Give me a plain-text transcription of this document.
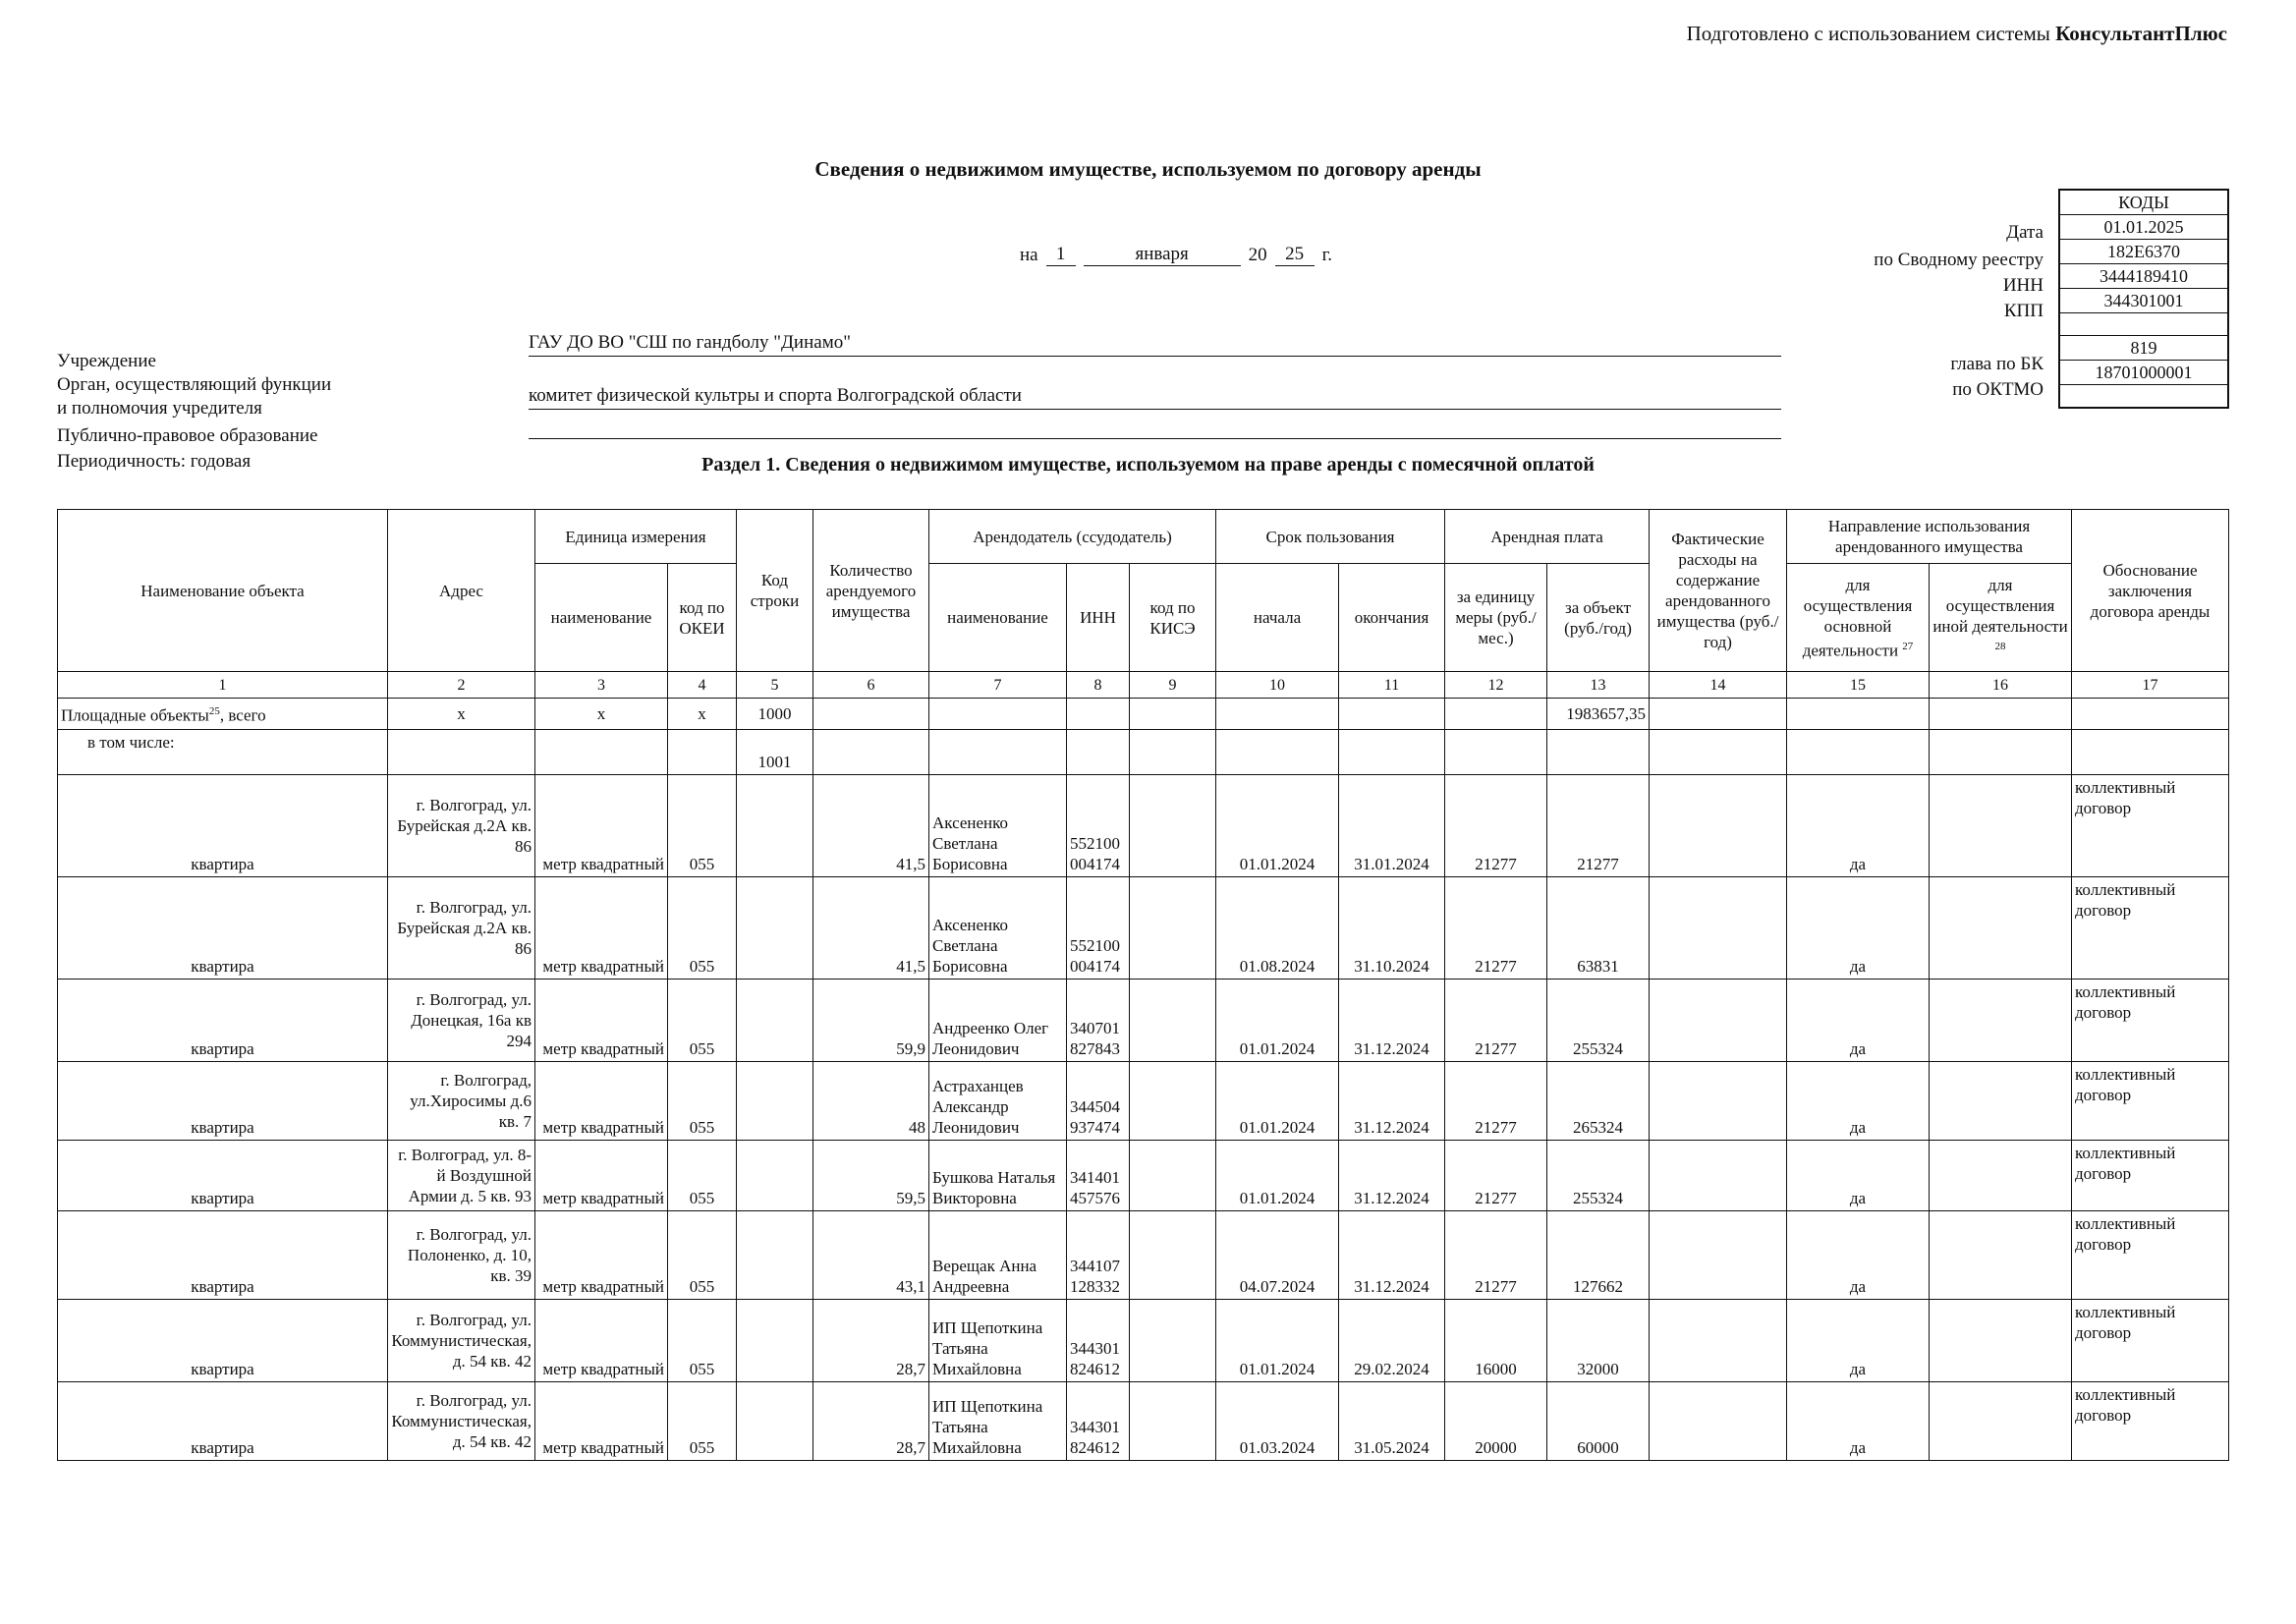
Подготовлено с использованием системы КонсультантПлюс
Сведения о недвижимом имуществе, используемом по договору аренды
на 1	января	20 25 г.
КОДЫ
01.01.2025
182Е6370
3444189410
344301001
819
18701000001
Дата
по Сводному реестру
ИНН
КПП
глава по БК
по ОКТМО
Учреждение
Орган, осуществляющий функции
и полномочия учредителя
Публично-правовое образование
Периодичность: годовая
ГАУ ДО ВО "СШ по гандболу "Динамо"
комитет физической культры и спорта Волгоградской области
Раздел 1. Сведения о недвижимом имуществе, используемом на праве аренды с помесячной оплатой
Наименование объекта	Адрес	Единица измерения		Код строки	Количество арендуемого имущества	Арендодатель (ссудодатель)			Срок пользования		Арендная плата		Фактические расходы на содержание арендованного имущества (руб./год)	Направление использования арендованного имущества		Обоснование заключения договора аренды
		наименование	код по ОКЕИ			наименование	ИНН	код по КИСЭ	начала	окончания	за единицу меры (руб./мес.)	за объект (руб./год)		для осуществления основной деятельности $^{27}$	для осуществления иной деятельности $^{28}$
1	2	3	4	5	6	7	8	9	10	11	12	13	14	15	16	17
Площадные объекты$^{25}$, всего	х	х	х	1000								1983657,35				
в том числе:				1001												
квартира	г. Волгоград, ул. Бурейская д.2А кв. 86	метр квадратный	055		41,5	Аксененко Светлана Борисовна	552100004174		01.01.2024	31.01.2024	21277	21277		да		коллективный договор
квартира	г. Волгоград, ул. Бурейская д.2А кв. 86	метр квадратный	055		41,5	Аксененко Светлана Борисовна	552100004174		01.08.2024	31.10.2024	21277	63831		да		коллективный договор
квартира	г. Волгоград, ул. Донецкая, 16а кв 294	метр квадратный	055		59,9	Андреенко Олег Леонидович	340701827843		01.01.2024	31.12.2024	21277	255324		да		коллективный договор
квартира	г. Волгоград, ул.Хиросимы д.6 кв. 7	метр квадратный	055		48	Астраханцев Александр Леонидович	344504937474		01.01.2024	31.12.2024	21277	265324		да		коллективный договор
квартира	г. Волгоград, ул. 8-й Воздушной Армии д. 5 кв. 93	метр квадратный	055		59,5	Бушкова Наталья Викторовна	341401457576		01.01.2024	31.12.2024	21277	255324		да		коллективный договор
квартира	г. Волгоград, ул. Полоненко, д. 10, кв. 39	метр квадратный	055		43,1	Верещак Анна Андреевна	344107128332		04.07.2024	31.12.2024	21277	127662		да		коллективный договор
квартира	г. Волгоград, ул. Коммунистическая, д. 54 кв. 42	метр квадратный	055		28,7	ИП Щепоткина Татьяна Михайловна	344301824612		01.01.2024	29.02.2024	16000	32000		да		коллективный договор
квартира	г. Волгоград, ул. Коммунистическая, д. 54 кв. 42	метр квадратный	055		28,7	ИП Щепоткина Татьяна Михайловна	344301824612		01.03.2024	31.05.2024	20000	60000		да		коллективный договор
